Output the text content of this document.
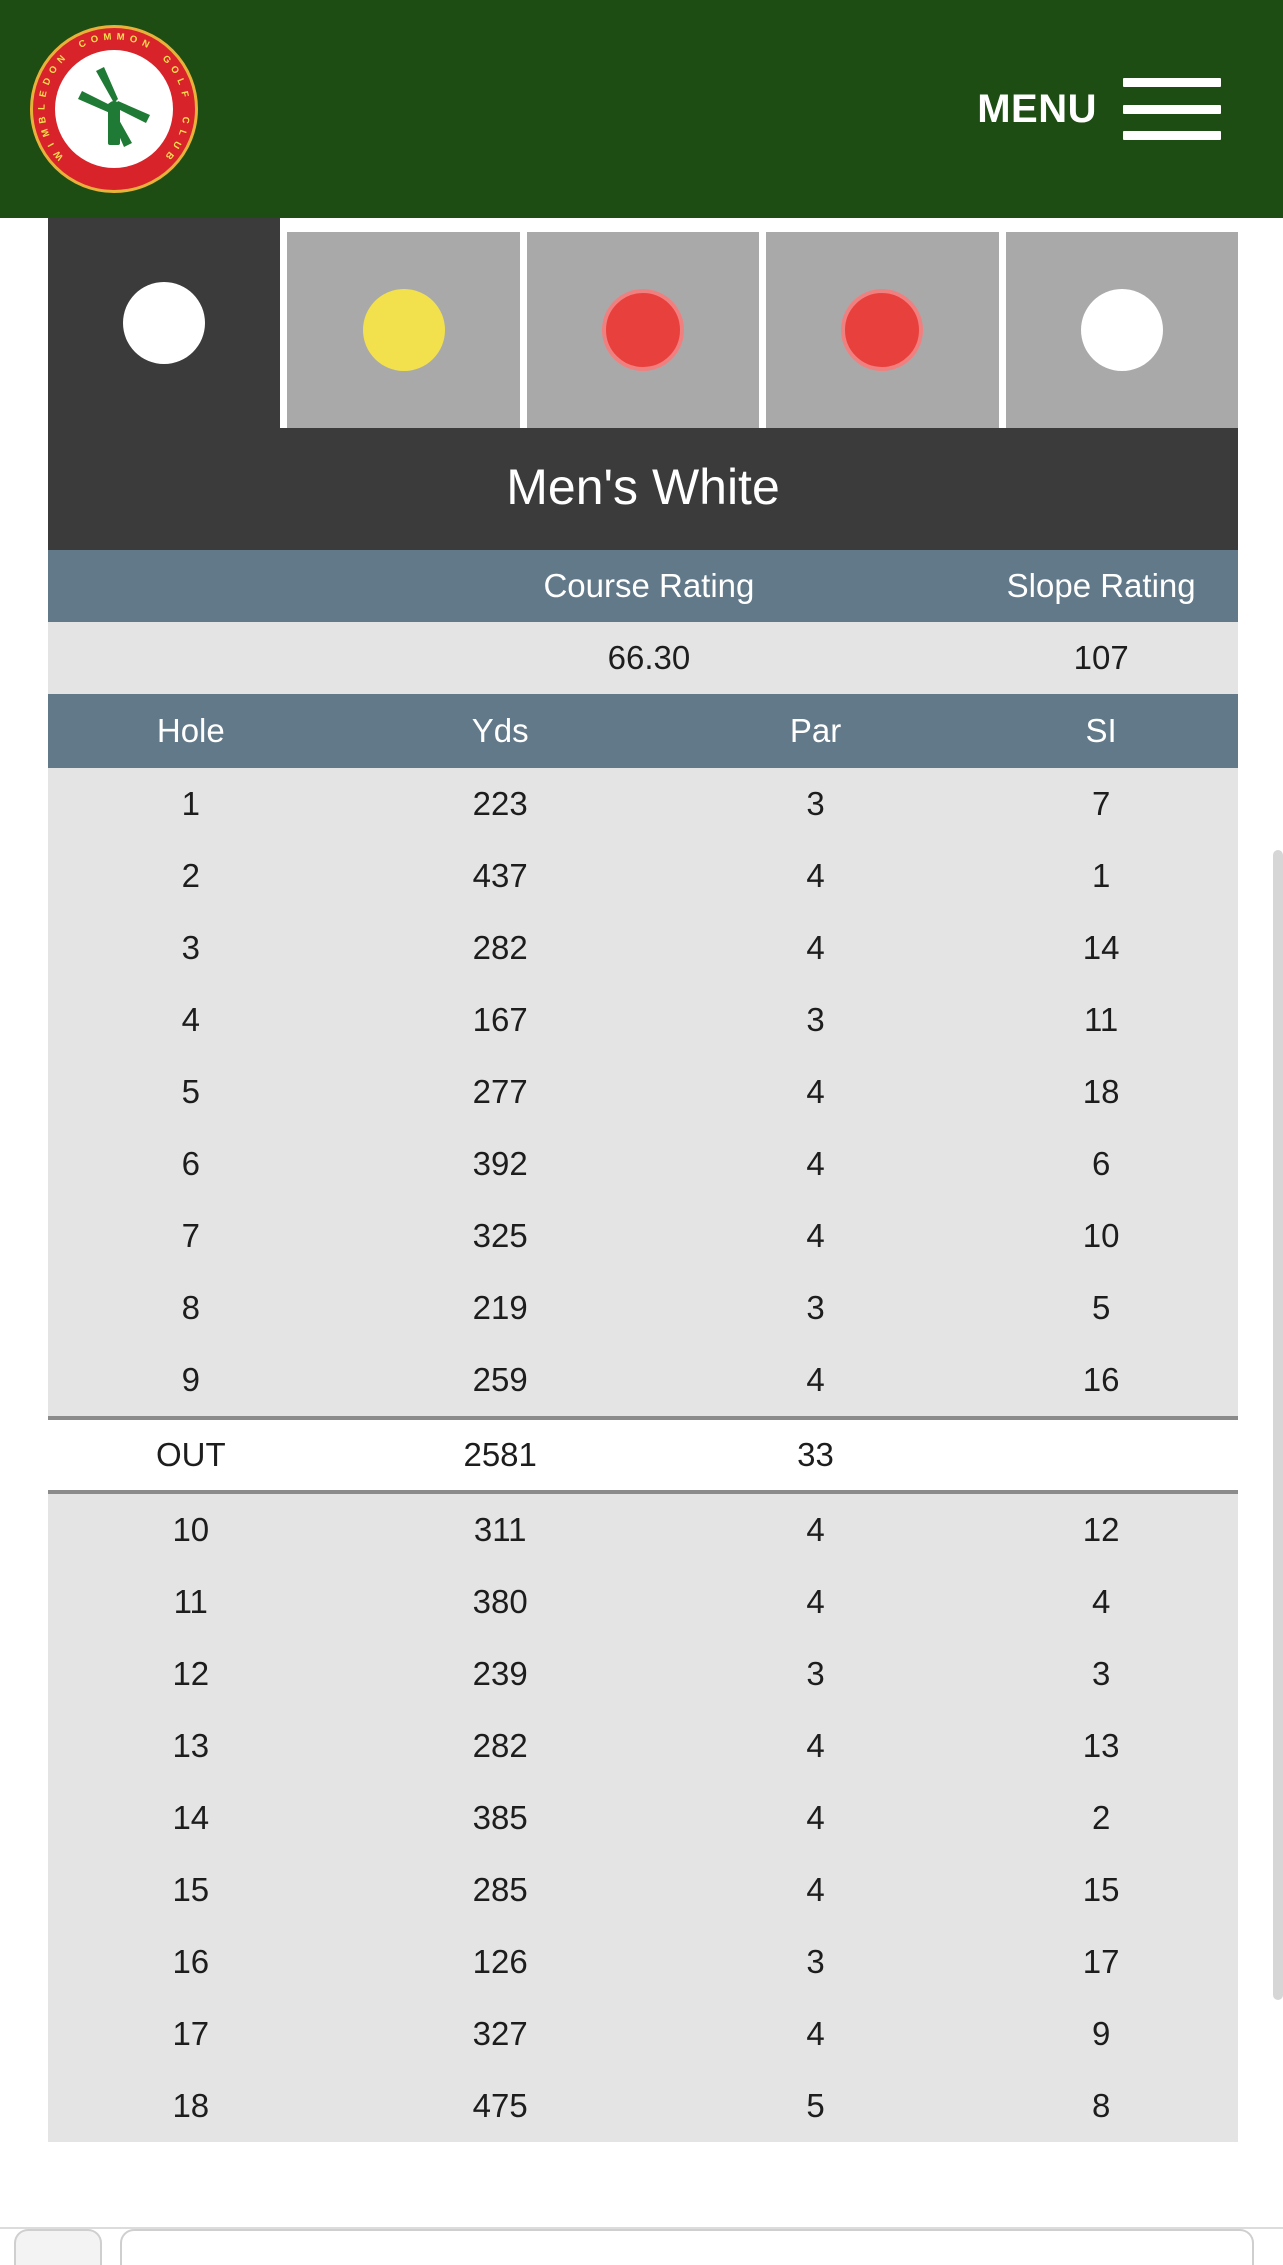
W
I
M
B
L
E
D
O
N

C O M M O N

G
O
L
F

C
L
U
B
MENU
Men's White
	Course Rating		Slope Rating
	66.30		107
Hole	Yds	Par	SI
1	223	3	7
2	437	4	1
3	282	4	14
4	167	3	11
5	277	4	18
6	392	4	6
7	325	4	10
8	219	3	5
9	259	4	16
OUT	2581	33	
10	311	4	12
11	380	4	4
12	239	3	3
13	282	4	13
14	385	4	2
15	285	4	15
16	126	3	17
17	327	4	9
18	475	5	8
